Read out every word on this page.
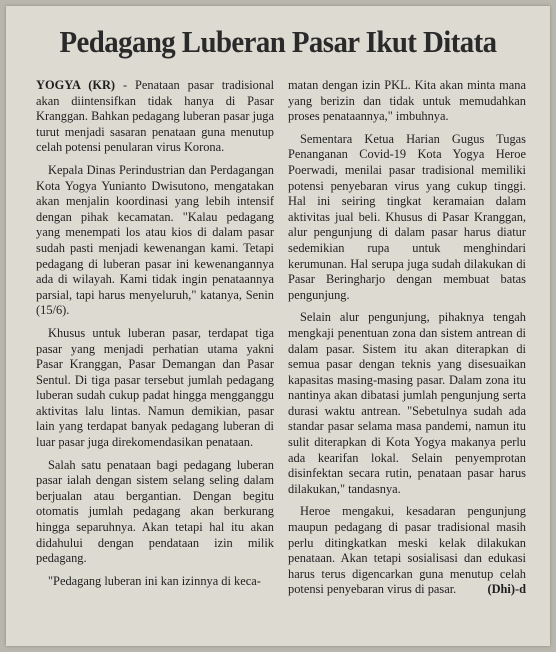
Pedagang Luberan Pasar Ikut Ditata

YOGYA (KR) - Penataan pasar tradisional akan diintensifkan tidak hanya di Pasar Kranggan. Bahkan pedagang luberan pasar juga turut menjadi sasaran penataan guna menutup celah potensi penularan virus Korona.

Kepala Dinas Perindustrian dan Perdagangan Kota Yogya Yunianto Dwisutono, mengatakan akan menjalin koordinasi yang lebih intensif dengan pihak kecamatan. "Kalau pedagang yang menempati los atau kios di dalam pasar sudah pasti menjadi kewenangan kami. Tetapi pedagang di luberan pasar ini kewenangannya ada di wilayah. Kami tidak ingin penataannya parsial, tapi harus menyeluruh," katanya, Senin (15/6).

Khusus untuk luberan pasar, terdapat tiga pasar yang menjadi perhatian utama yakni Pasar Kranggan, Pasar Demangan dan Pasar Sentul. Di tiga pasar tersebut jumlah pedagang luberan sudah cukup padat hingga mengganggu aktivitas lalu lintas. Namun demikian, pasar lain yang terdapat banyak pedagang luberan di luar pasar juga direkomendasikan penataan.

Salah satu penataan bagi pedagang luberan pasar ialah dengan sistem selang seling dalam berjualan atau bergantian. Dengan begitu otomatis jumlah pedagang akan berkurang hingga separuhnya. Akan tetapi hal itu akan didahului dengan pendataan izin milik pedagang.

"Pedagang luberan ini kan izinnya di keca-

matan dengan izin PKL. Kita akan minta mana yang berizin dan tidak untuk memudahkan proses penataannya," imbuhnya.

Sementara Ketua Harian Gugus Tugas Penanganan Covid-19 Kota Yogya Heroe Poerwadi, menilai pasar tradisional memiliki potensi penyebaran virus yang cukup tinggi. Hal ini seiring tingkat keramaian dalam aktivitas jual beli. Khusus di Pasar Kranggan, alur pengunjung di dalam pasar harus diatur sedemikian rupa untuk menghindari kerumunan. Hal serupa juga sudah dilakukan di Pasar Beringharjo dengan membuat batas pengunjung.

Selain alur pengunjung, pihaknya tengah mengkaji penentuan zona dan sistem antrean di dalam pasar. Sistem itu akan diterapkan di semua pasar dengan teknis yang disesuaikan kapasitas masing-masing pasar. Dalam zona itu nantinya akan dibatasi jumlah pengunjung serta durasi waktu antrean. "Sebetulnya sudah ada standar pasar selama masa pandemi, namun itu sulit diterapkan di Kota Yogya makanya perlu ada kearifan lokal. Selain penyemprotan disinfektan secara rutin, penataan pasar harus dilakukan," tandasnya.

Heroe mengakui, kesadaran pengunjung maupun pedagang di pasar tradisional masih perlu ditingkatkan meski kelak dilakukan penataan. Akan tetapi sosialisasi dan edukasi harus terus digencarkan guna menutup celah potensi penyebaran virus di pasar.	(Dhi)-d
